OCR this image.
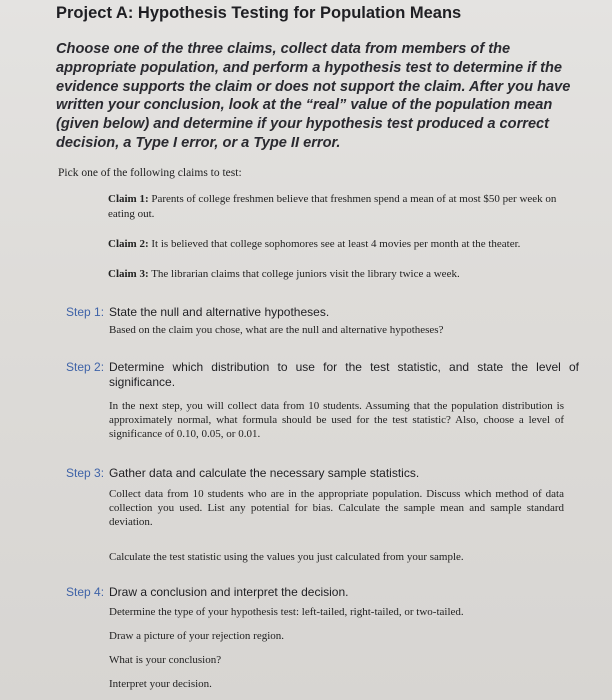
Project A: Hypothesis Testing for Population Means
Choose one of the three claims, collect data from members of the appropriate population, and perform a hypothesis test to determine if the evidence supports the claim or does not support the claim. After you have written your conclusion, look at the “real” value of the population mean (given below) and determine if your hypothesis test produced a correct decision, a Type I error, or a Type II error.
Pick one of the following claims to test:
Claim 1: Parents of college freshmen believe that freshmen spend a mean of at most $50 per week on eating out.
Claim 2: It is believed that college sophomores see at least 4 movies per month at the theater.
Claim 3: The librarian claims that college juniors visit the library twice a week.
Step 1: State the null and alternative hypotheses.
Based on the claim you chose, what are the null and alternative hypotheses?
Step 2: Determine which distribution to use for the test statistic, and state the level of significance.
In the next step, you will collect data from 10 students. Assuming that the population distribution is approximately normal, what formula should be used for the test statistic? Also, choose a level of significance of 0.10, 0.05, or 0.01.
Step 3: Gather data and calculate the necessary sample statistics.
Collect data from 10 students who are in the appropriate population. Discuss which method of data collection you used. List any potential for bias. Calculate the sample mean and sample standard deviation.
Calculate the test statistic using the values you just calculated from your sample.
Step 4: Draw a conclusion and interpret the decision.
Determine the type of your hypothesis test: left-tailed, right-tailed, or two-tailed.
Draw a picture of your rejection region.
What is your conclusion?
Interpret your decision.
